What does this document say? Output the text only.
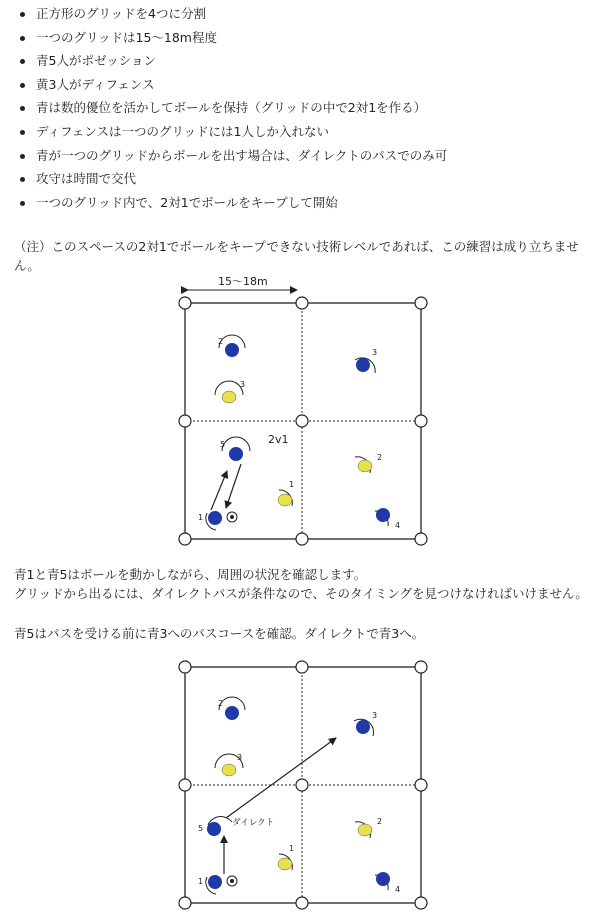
正方形のグリッドを4つに分割
一つのグリッドは15〜18m程度
青5人がポゼッション
黄3人がディフェンス
青は数的優位を活かしてボールを保持（グリッドの中で2対1を作る）
ディフェンスは一つのグリッドには1人しか入れない
青が一つのグリッドからボールを出す場合は、ダイレクトのパスでのみ可
攻守は時間で交代
一つのグリッド内で、2対1でボールをキープして開始

（注）このスペースの2対1でボールをキープできない技術レベルであれば、この練習は成り立ちません。

15～18m
2v1
2
3
3
5
2
1
1
4

青1と青5はボールを動かしながら、周囲の状況を確認します。
グリッドから出るには、ダイレクトパスが条件なので、そのタイミングを見つけなければいけません。

青5はパスを受ける前に青3へのパスコースを確認。ダイレクトで青3へ。

ダイレクト
2
3
3
5
2
1
1
4
